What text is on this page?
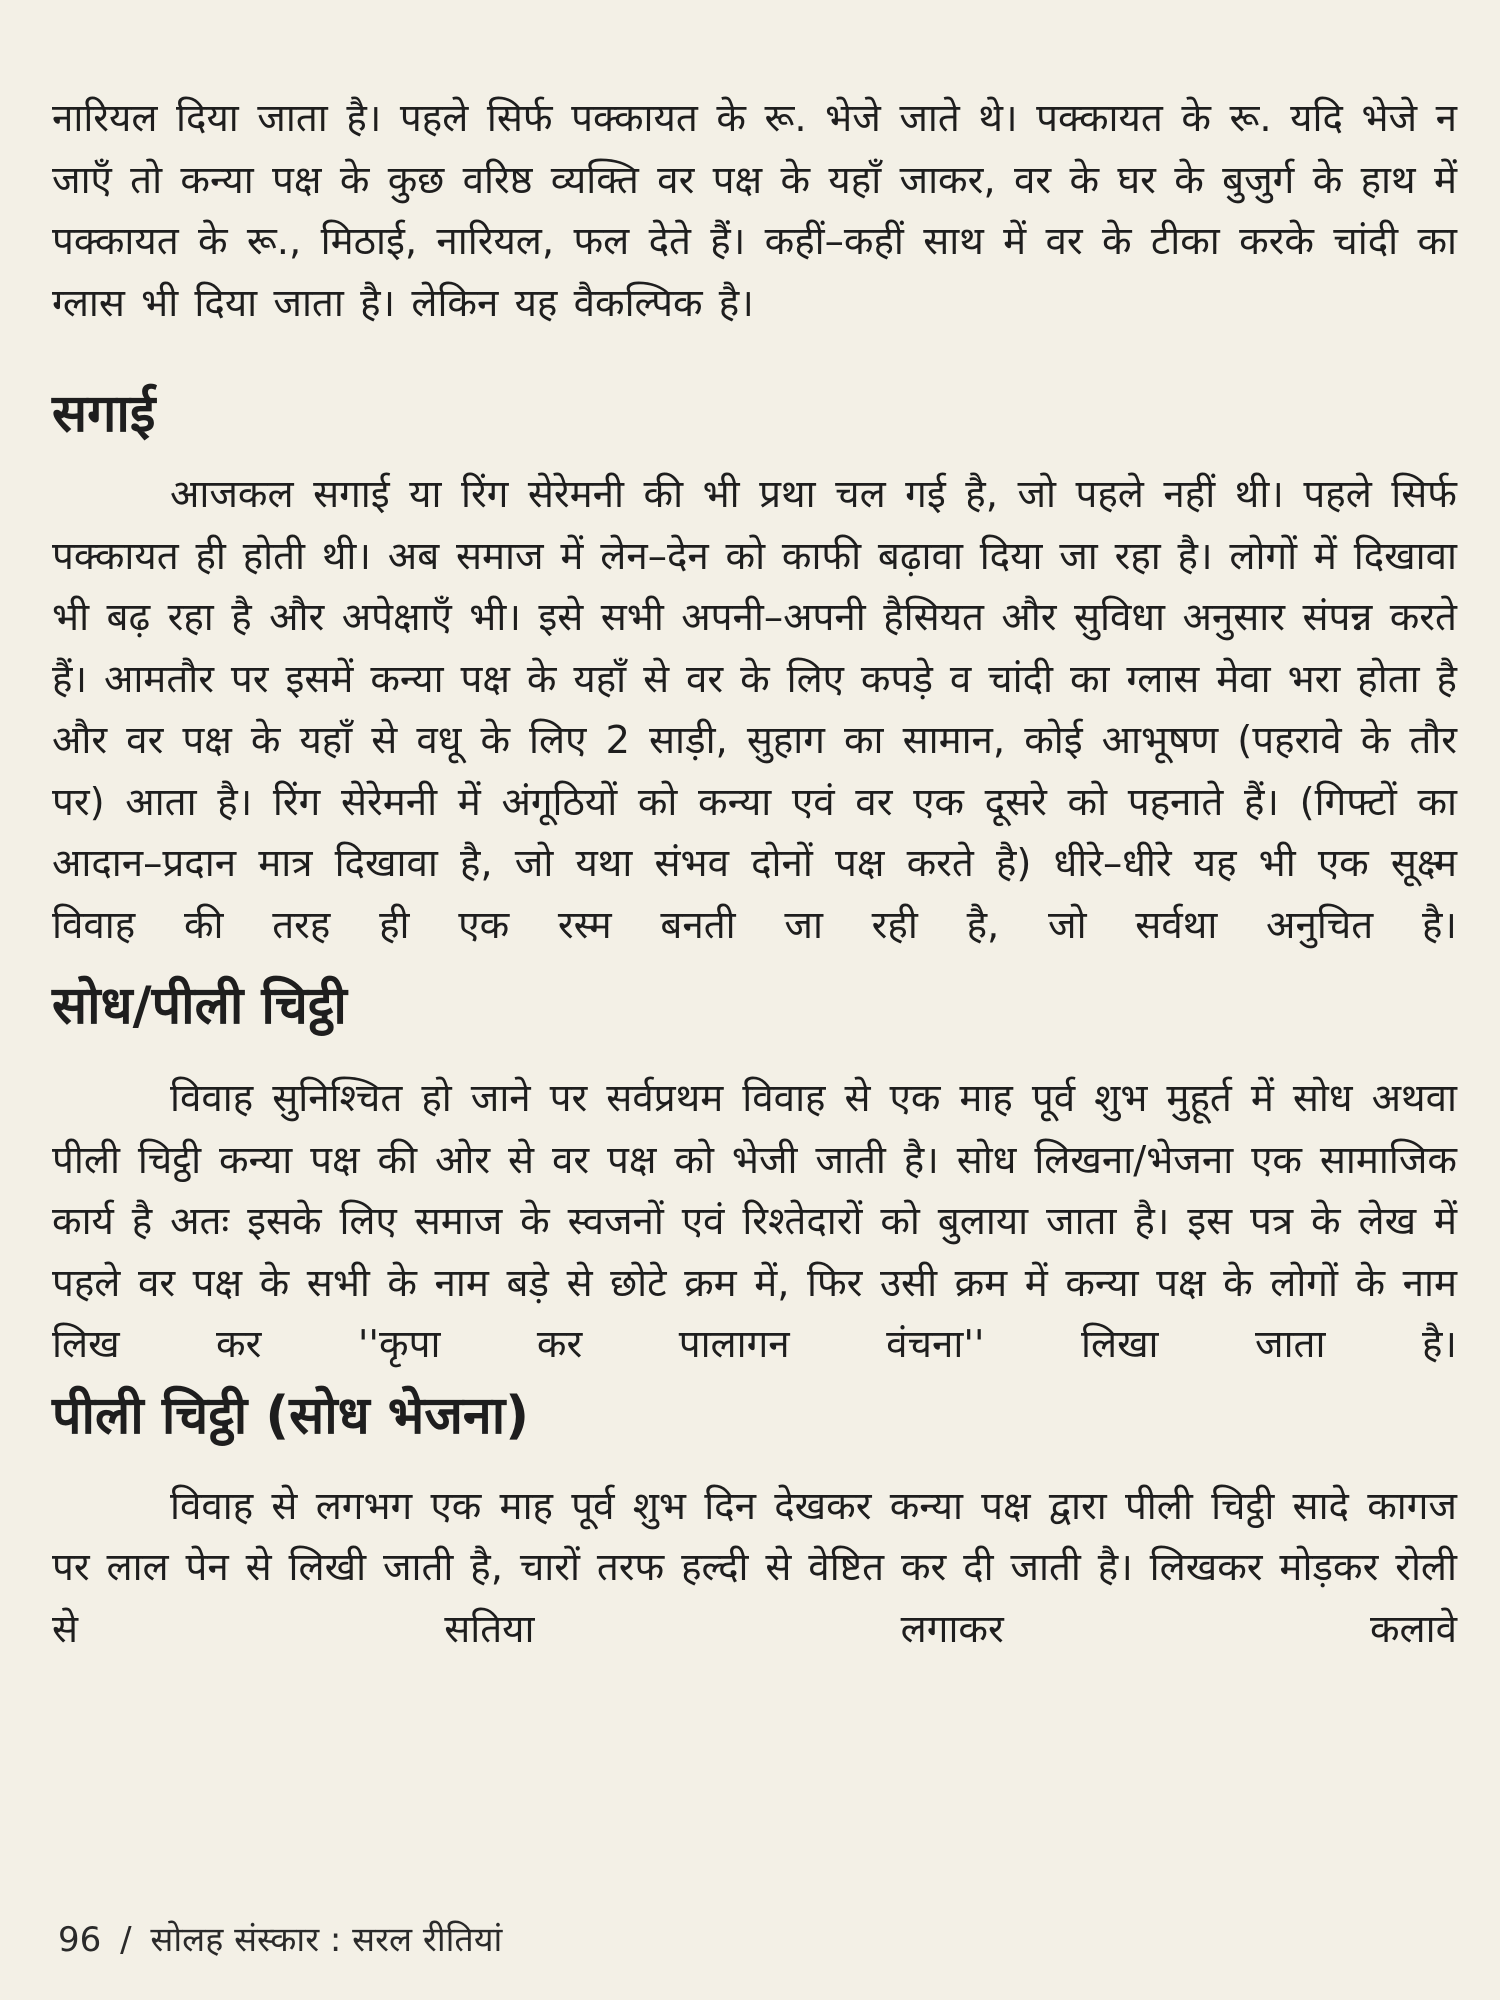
नारियल दिया जाता है। पहले सिर्फ पक्कायत के रू. भेजे जाते थे। पक्कायत के रू. यदि भेजे न जाएँ तो कन्या पक्ष के कुछ वरिष्ठ व्यक्ति वर पक्ष के यहाँ जाकर, वर के घर के बुजुर्ग के हाथ में पक्कायत के रू., मिठाई, नारियल, फल देते हैं। कहीं–कहीं साथ में वर के टीका करके चांदी का ग्लास भी दिया जाता है। लेकिन यह वैकल्पिक है।

सगाई

आजकल सगाई या रिंग सेरेमनी की भी प्रथा चल गई है, जो पहले नहीं थी। पहले सिर्फ पक्कायत ही होती थी। अब समाज में लेन–देन को काफी बढ़ावा दिया जा रहा है। लोगों में दिखावा भी बढ़ रहा है और अपेक्षाएँ भी। इसे सभी अपनी–अपनी हैसियत और सुविधा अनुसार संपन्न करते हैं। आमतौर पर इसमें कन्या पक्ष के यहाँ से वर के लिए कपड़े व चांदी का ग्लास मेवा भरा होता है और वर पक्ष के यहाँ से वधू के लिए 2 साड़ी, सुहाग का सामान, कोई आभूषण (पहरावे के तौर पर) आता है। रिंग सेरेमनी में अंगूठियों को कन्या एवं वर एक दूसरे को पहनाते हैं। (गिफ्टों का आदान–प्रदान मात्र दिखावा है, जो यथा संभव दोनों पक्ष करते है) धीरे–धीरे यह भी एक सूक्ष्म विवाह की तरह ही एक रस्म बनती जा रही है, जो सर्वथा अनुचित है।

सोध/पीली चिट्ठी

विवाह सुनिश्चित हो जाने पर सर्वप्रथम विवाह से एक माह पूर्व शुभ मुहूर्त में सोध अथवा पीली चिट्ठी कन्या पक्ष की ओर से वर पक्ष को भेजी जाती है। सोध लिखना/भेजना एक सामाजिक कार्य है अतः इसके लिए समाज के स्वजनों एवं रिश्तेदारों को बुलाया जाता है। इस पत्र के लेख में पहले वर पक्ष के सभी के नाम बड़े से छोटे क्रम में, फिर उसी क्रम में कन्या पक्ष के लोगों के नाम लिख कर ''कृपा कर पालागन वंचना'' लिखा जाता है।

पीली चिट्ठी (सोध भेजना)

विवाह से लगभग एक माह पूर्व शुभ दिन देखकर कन्या पक्ष द्वारा पीली चिट्ठी सादे कागज पर लाल पेन से लिखी जाती है, चारों तरफ हल्दी से वेष्टित कर दी जाती है। लिखकर मोड़कर रोली से सतिया लगाकर कलावे

96 / सोलह संस्कार : सरल रीतियां
